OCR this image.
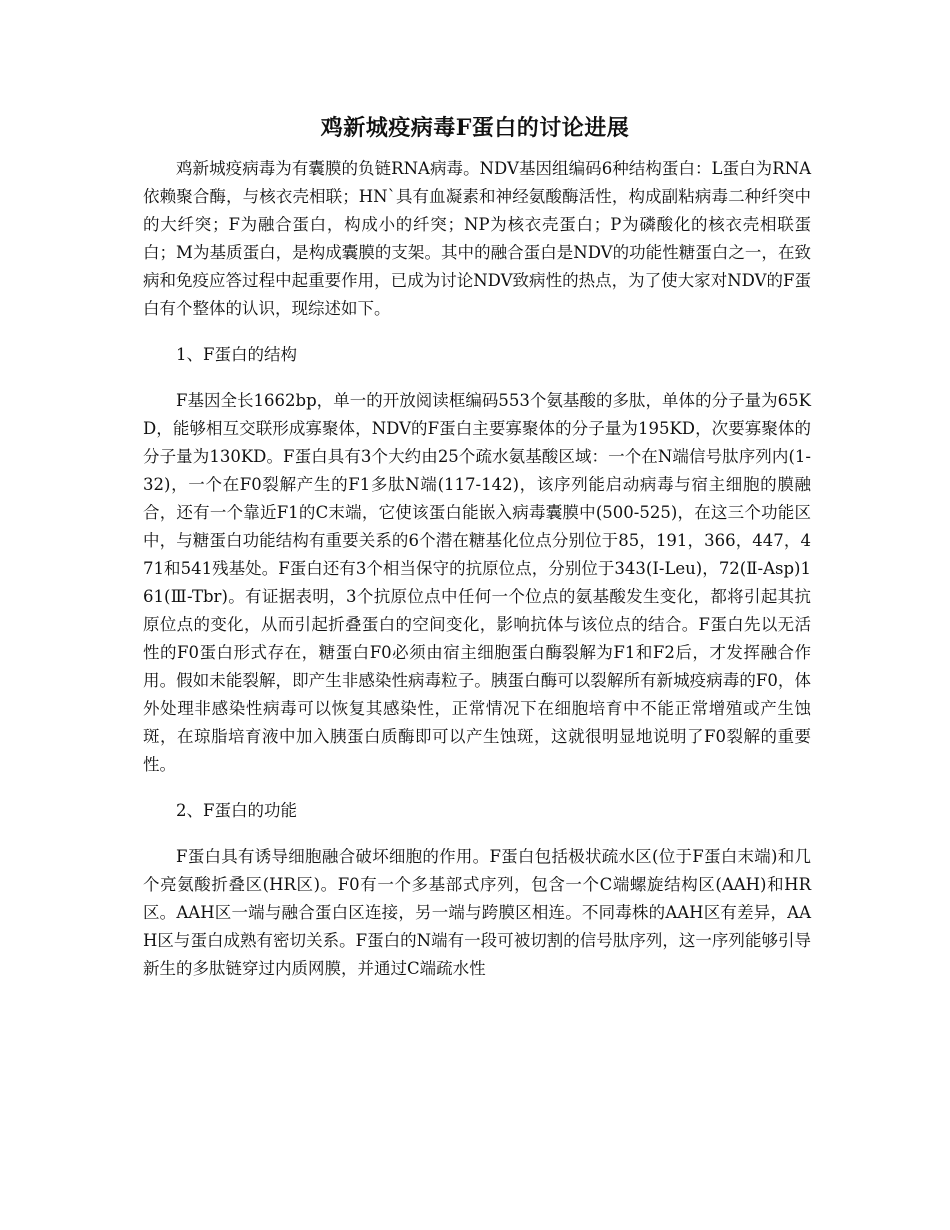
鸡新城疫病毒F蛋白的讨论进展

鸡新城疫病毒为有囊膜的负链RNA病毒。NDV基因组编码6种结构蛋白：L蛋白为RNA依赖聚合酶，与核衣壳相联；HN`具有血凝素和神经氨酸酶活性，构成副粘病毒二种纤突中的大纤突；F为融合蛋白，构成小的纤突；NP为核衣壳蛋白；P为磷酸化的核衣壳相联蛋白；M为基质蛋白，是构成囊膜的支架。其中的融合蛋白是NDV的功能性糖蛋白之一，在致病和免疫应答过程中起重要作用，已成为讨论NDV致病性的热点，为了使大家对NDV的F蛋白有个整体的认识，现综述如下。

1、F蛋白的结构

F基因全长1662bp，单一的开放阅读框编码553个氨基酸的多肽，单体的分子量为65KD，能够相互交联形成寡聚体，NDV的F蛋白主要寡聚体的分子量为195KD，次要寡聚体的分子量为130KD。F蛋白具有3个大约由25个疏水氨基酸区域：一个在N端信号肽序列内(1-32)，一个在F0裂解产生的F1多肽N端(117-142)，该序列能启动病毒与宿主细胞的膜融合，还有一个靠近F1的C末端，它使该蛋白能嵌入病毒囊膜中(500-525)，在这三个功能区中，与糖蛋白功能结构有重要关系的6个潜在糖基化位点分别位于85，191，366，447，471和541残基处。F蛋白还有3个相当保守的抗原位点，分别位于343(I-Leu)，72(Ⅱ-Asp)161(Ⅲ-Tbr)。有证据表明，3个抗原位点中任何一个位点的氨基酸发生变化，都将引起其抗原位点的变化，从而引起折叠蛋白的空间变化，影响抗体与该位点的结合。F蛋白先以无活性的F0蛋白形式存在，糖蛋白F0必须由宿主细胞蛋白酶裂解为F1和F2后，才发挥融合作用。假如未能裂解，即产生非感染性病毒粒子。胰蛋白酶可以裂解所有新城疫病毒的F0，体外处理非感染性病毒可以恢复其感染性，正常情况下在细胞培育中不能正常增殖或产生蚀斑，在琼脂培育液中加入胰蛋白质酶即可以产生蚀斑，这就很明显地说明了F0裂解的重要性。

2、F蛋白的功能

F蛋白具有诱导细胞融合破坏细胞的作用。F蛋白包括极状疏水区(位于F蛋白末端)和几个亮氨酸折叠区(HR区)。F0有一个多基部式序列，包含一个C端螺旋结构区(AAH)和HR区。AAH区一端与融合蛋白区连接，另一端与跨膜区相连。不同毒株的AAH区有差异，AAH区与蛋白成熟有密切关系。F蛋白的N端有一段可被切割的信号肽序列，这一序列能够引导新生的多肽链穿过内质网膜，并通过C端疏水性
